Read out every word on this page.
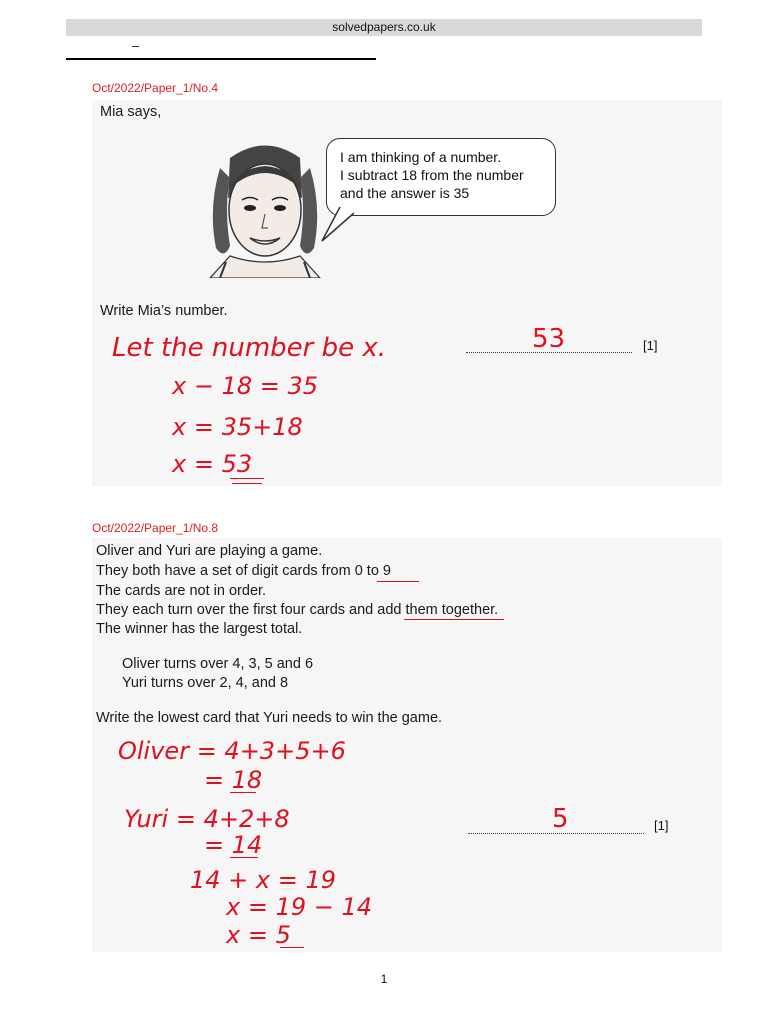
solvedpapers.co.uk
–
Oct/2022/Paper_1/No.4
Mia says,
I am thinking of a number.
I subtract 18 from the number
and the answer is 35
Write Mia’s number.
Let the number be x.
x − 18 = 35
x = 35+18
x = 53
53	[1]
Oct/2022/Paper_1/No.8
Oliver and Yuri are playing a game.
They both have a set of digit cards from 0 to 9
The cards are not in order.
They each turn over the first four cards and add them together.
The winner has the largest total.
Oliver turns over 4, 3, 5 and 6
Yuri turns over 2, 4, and 8
Write the lowest card that Yuri needs to win the game.
Oliver = 4+3+5+6
= 18
Yuri = 4+2+8
= 14
14 + x = 19
x = 19 − 14
x = 5
5	[1]
1
